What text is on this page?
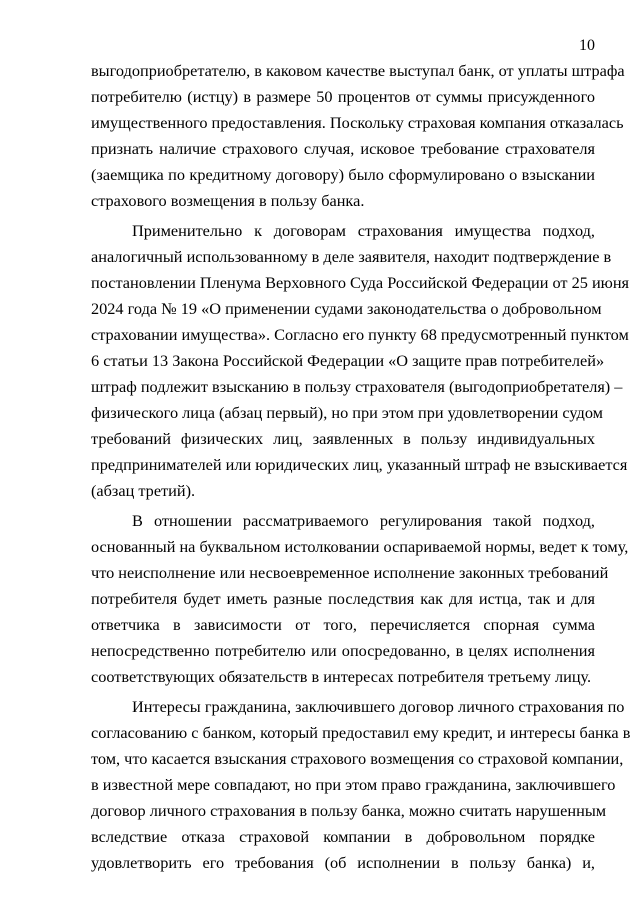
10
выгодоприобретателю, в каковом качестве выступал банк, от уплаты штрафа
потребителю (истцу) в размере 50 процентов от суммы присужденного
имущественного предоставления. Поскольку страховая компания отказалась
признать наличие страхового случая, исковое требование страхователя
(заемщика по кредитному договору) было сформулировано о взыскании
страхового возмещения в пользу банка.
Применительно к договорам страхования имущества подход,
аналогичный использованному в деле заявителя, находит подтверждение в
постановлении Пленума Верховного Суда Российской Федерации от 25 июня
2024 года № 19 «О применении судами законодательства о добровольном
страховании имущества». Согласно его пункту 68 предусмотренный пунктом
6 статьи 13 Закона Российской Федерации «О защите прав потребителей»
штраф подлежит взысканию в пользу страхователя (выгодоприобретателя) –
физического лица (абзац первый), но при этом при удовлетворении судом
требований физических лиц, заявленных в пользу индивидуальных
предпринимателей или юридических лиц, указанный штраф не взыскивается
(абзац третий).
В отношении рассматриваемого регулирования такой подход,
основанный на буквальном истолковании оспариваемой нормы, ведет к тому,
что неисполнение или несвоевременное исполнение законных требований
потребителя будет иметь разные последствия как для истца, так и для
ответчика в зависимости от того, перечисляется спорная сумма
непосредственно потребителю или опосредованно, в целях исполнения
соответствующих обязательств в интересах потребителя третьему лицу.
Интересы гражданина, заключившего договор личного страхования по
согласованию с банком, который предоставил ему кредит, и интересы банка в
том, что касается взыскания страхового возмещения со страховой компании,
в известной мере совпадают, но при этом право гражданина, заключившего
договор личного страхования в пользу банка, можно считать нарушенным
вследствие отказа страховой компании в добровольном порядке
удовлетворить его требования (об исполнении в пользу банка) и,
